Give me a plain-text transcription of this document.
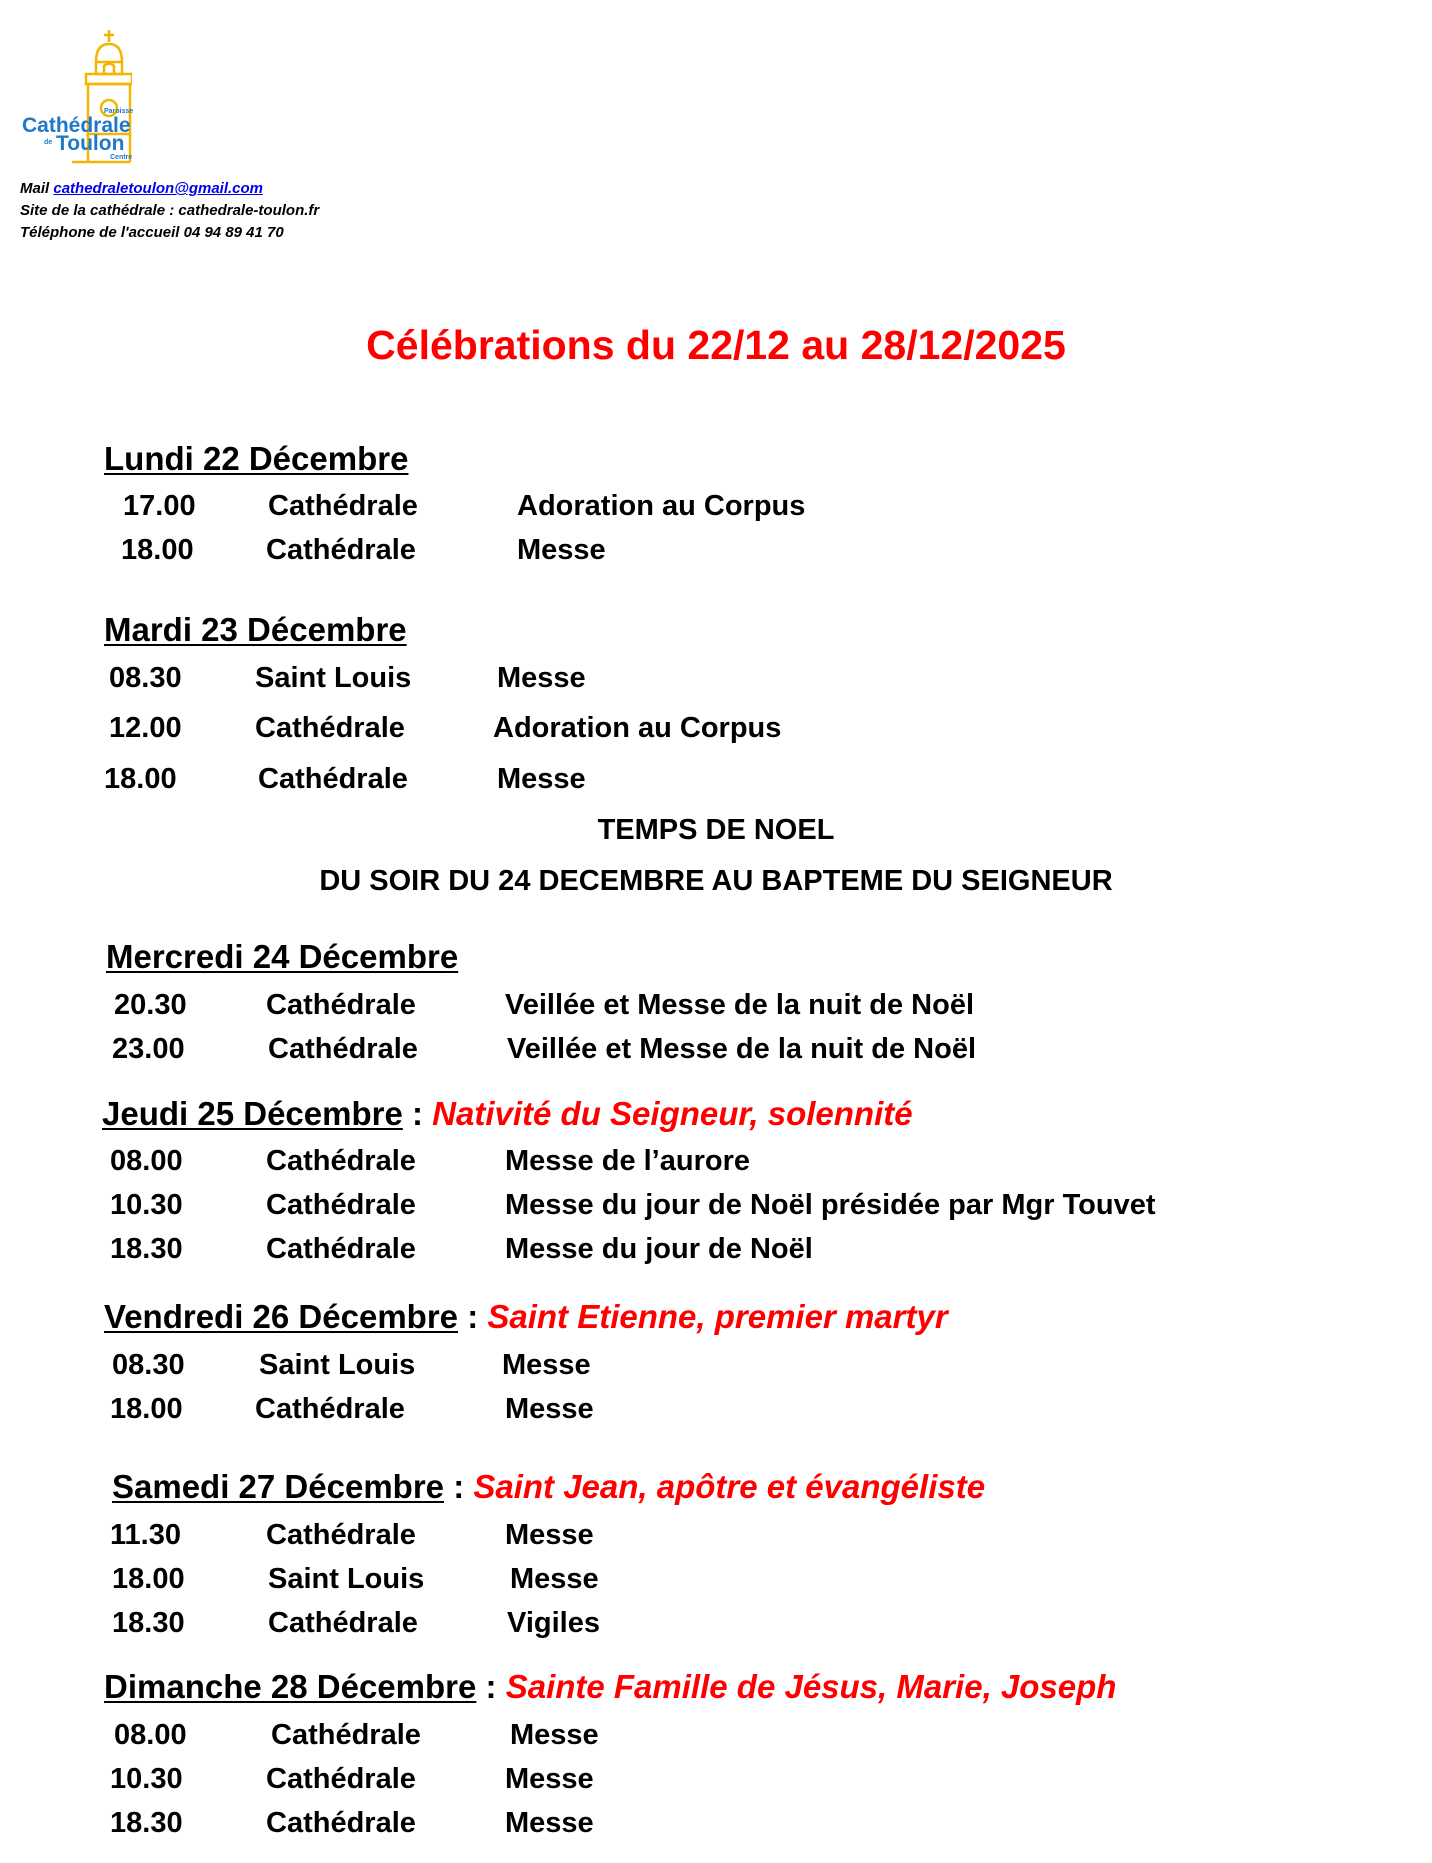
Paroisse
Cathédrale
de Toulon
Centre
Mail cathedraletoulon@gmail.com
Site de la cathédrale : cathedrale-toulon.fr
Téléphone de l'accueil 04 94 89 41 70
Célébrations du 22/12 au 28/12/2025
Lundi 22 Décembre
17.00 Cathédrale	Adoration au Corpus
18.00 Cathédrale	Messe
Mardi 23 Décembre
08.30	Saint Louis	Messe
12.00	Cathédrale	Adoration au Corpus
18.00	Cathédrale	Messe
TEMPS DE NOEL
DU SOIR DU 24 DECEMBRE AU BAPTEME DU SEIGNEUR
Mercredi 24 Décembre
20.30	Cathédrale	Veillée et Messe de la nuit de Noël
23.00	Cathédrale	Veillée et Messe de la nuit de Noël
Jeudi 25 Décembre : Nativité du Seigneur, solennité
08.00	Cathédrale	Messe de l’aurore
10.30	Cathédrale	Messe du jour de Noël présidée par Mgr Touvet
18.30	Cathédrale	Messe du jour de Noël
Vendredi 26 Décembre : Saint Etienne, premier martyr
08.30	Saint Louis	Messe
18.00 Cathédrale	Messe
Samedi 27 Décembre : Saint Jean, apôtre et évangéliste
11.30	Cathédrale	Messe
18.00	Saint Louis	Messe
18.30	Cathédrale	Vigiles
Dimanche 28 Décembre : Sainte Famille de Jésus, Marie, Joseph
08.00	Cathédrale	Messe
10.30	Cathédrale	Messe
18.30	Cathédrale	Messe
